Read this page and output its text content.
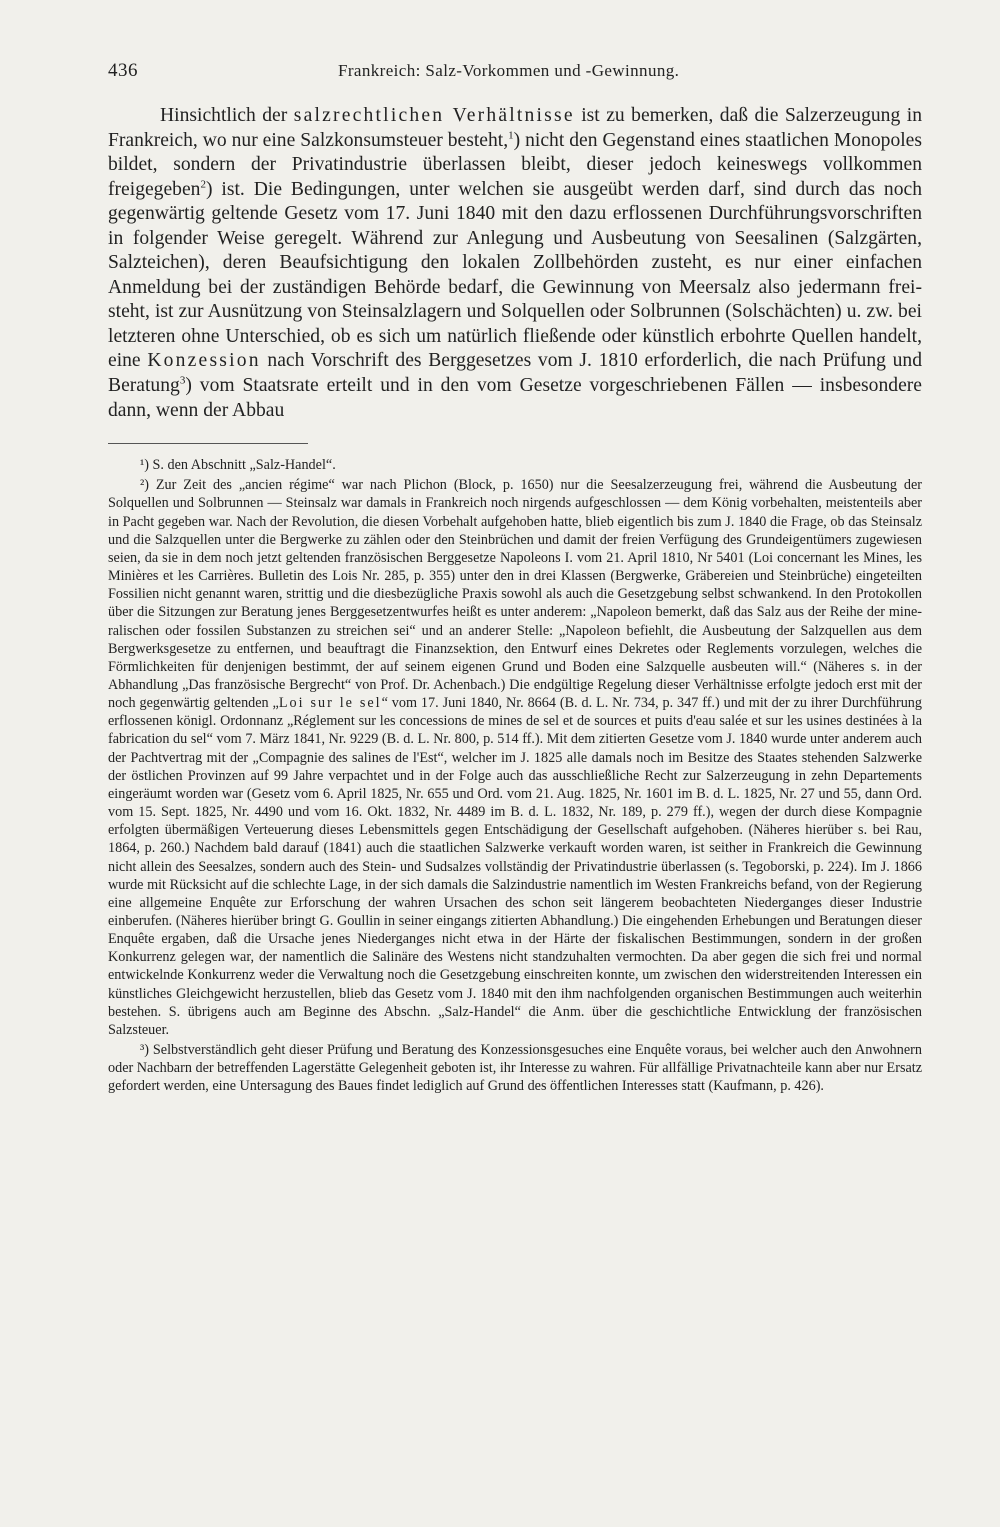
436	Frankreich: Salz-Vorkommen und -Gewinnung.

Hinsichtlich der salzrechtlichen Verhältnisse ist zu bemerken, daß die Salzerzeugung in Frankreich, wo nur eine Salzkonsumsteuer besteht,$^1$) nicht den Gegenstand eines staatlichen Monopoles bildet, sondern der Privatindustrie überlassen bleibt, dieser jedoch keineswegs vollkommen freigegeben$^2$) ist. Die Bedingungen, unter welchen sie ausgeübt werden darf, sind durch das noch gegenwärtig geltende Gesetz vom 17. Juni 1840 mit den dazu erflossenen Durchführungsvorschriften in folgender Weise geregelt. Während zur Anlegung und Ausbeutung von Seesalinen (Salzgärten, Salzteichen), deren Beaufsichtigung den lokalen Zollbehörden zusteht, es nur einer einfachen Anmeldung bei der zuständigen Behörde bedarf, die Gewinnung von Meersalz also jedermann freisteht, ist zur Ausnützung von Steinsalzlagern und Solquellen oder Solbrunnen (Solschächten) u. zw. bei letzteren ohne Unterschied, ob es sich um natürlich fließende oder künstlich erbohrte Quellen handelt, eine Konzession nach Vorschrift des Berggesetzes vom J. 1810 erforderlich, die nach Prüfung und Beratung$^3$) vom Staatsrate erteilt und in den vom Gesetze vorgeschriebenen Fällen — insbesondere dann, wenn der Abbau

¹) S. den Abschnitt „Salz-Handel“.

²) Zur Zeit des „ancien régime“ war nach Plichon (Block, p. 1650) nur die Seesalzerzeugung frei, während die Ausbeutung der Solquellen und Solbrunnen — Steinsalz war damals in Frankreich noch nirgends aufgeschlossen — dem König vorbehalten, meistenteils aber in Pacht gegeben war. Nach der Revolution, die diesen Vorbehalt aufgehoben hatte, blieb eigentlich bis zum J. 1840 die Frage, ob das Steinsalz und die Salzquellen unter die Bergwerke zu zählen oder den Steinbrüchen und damit der freien Verfügung des Grundeigentümers zugewiesen seien, da sie in dem noch jetzt geltenden französischen Berggesetze Napoleons I. vom 21. April 1810, Nr 5401 (Loi concernant les Mines, les Minières et les Carrières. Bulletin des Lois Nr. 285, p. 355) unter den in drei Klassen (Bergwerke, Gräbereien und Steinbrüche) eingeteilten Fossilien nicht genannt waren, strittig und die diesbezügliche Praxis sowohl als auch die Gesetzgebung selbst schwankend. In den Protokollen über die Sitzungen zur Beratung jenes Berggesetzentwurfes heißt es unter anderem: „Napoleon bemerkt, daß das Salz aus der Reihe der mineralischen oder fossilen Substanzen zu streichen sei“ und an anderer Stelle: „Napoleon befiehlt, die Ausbeutung der Salzquellen aus dem Bergwerksgesetze zu entfernen, und beauftragt die Finanzsektion, den Entwurf eines Dekretes oder Reglements vorzulegen, welches die Förmlichkeiten für denjenigen bestimmt, der auf seinem eigenen Grund und Boden eine Salzquelle ausbeuten will.“ (Näheres s. in der Abhandlung „Das französische Bergrecht“ von Prof. Dr. Achenbach.) Die endgültige Regelung dieser Verhältnisse erfolgte jedoch erst mit der noch gegenwärtig geltenden „Loi sur le sel“ vom 17. Juni 1840, Nr. 8664 (B. d. L. Nr. 734, p. 347 ff.) und mit der zu ihrer Durchführung erflossenen königl. Ordonnanz „Réglement sur les concessions de mines de sel et de sources et puits d'eau salée et sur les usines destinées à la fabrication du sel“ vom 7. März 1841, Nr. 9229 (B. d. L. Nr. 800, p. 514 ff.). Mit dem zitierten Gesetze vom J. 1840 wurde unter anderem auch der Pachtvertrag mit der „Compagnie des salines de l'Est“, welcher im J. 1825 alle damals noch im Besitze des Staates stehenden Salzwerke der östlichen Provinzen auf 99 Jahre verpachtet und in der Folge auch das ausschließliche Recht zur Salzerzeugung in zehn Departements eingeräumt worden war (Gesetz vom 6. April 1825, Nr. 655 und Ord. vom 21. Aug. 1825, Nr. 1601 im B. d. L. 1825, Nr. 27 und 55, dann Ord. vom 15. Sept. 1825, Nr. 4490 und vom 16. Okt. 1832, Nr. 4489 im B. d. L. 1832, Nr. 189, p. 279 ff.), wegen der durch diese Kompagnie erfolgten übermäßigen Verteuerung dieses Lebensmittels gegen Entschädigung der Gesellschaft aufgehoben. (Näheres hierüber s. bei Rau, 1864, p. 260.) Nachdem bald darauf (1841) auch die staatlichen Salzwerke verkauft worden waren, ist seither in Frankreich die Gewinnung nicht allein des Seesalzes, sondern auch des Stein- und Sudsalzes vollständig der Privatindustrie überlassen (s. Tegoborski, p. 224). Im J. 1866 wurde mit Rücksicht auf die schlechte Lage, in der sich damals die Salzindustrie namentlich im Westen Frankreichs befand, von der Regierung eine allgemeine Enquête zur Erforschung der wahren Ursachen des schon seit längerem beobachteten Niederganges dieser Industrie einberufen. (Näheres hierüber bringt G. Goullin in seiner eingangs zitierten Abhandlung.) Die eingehenden Erhebungen und Beratungen dieser Enquête ergaben, daß die Ursache jenes Niederganges nicht etwa in der Härte der fiskalischen Bestimmungen, sondern in der großen Konkurrenz gelegen war, der namentlich die Salinäre des Westens nicht standzuhalten vermochten. Da aber gegen die sich frei und normal entwickelnde Konkurrenz weder die Verwaltung noch die Gesetzgebung einschreiten konnte, um zwischen den widerstreitenden Interessen ein künstliches Gleichgewicht herzustellen, blieb das Gesetz vom J. 1840 mit den ihm nachfolgenden organischen Bestimmungen auch weiterhin bestehen. S. übrigens auch am Beginne des Abschn. „Salz-Handel“ die Anm. über die geschichtliche Entwicklung der französischen Salzsteuer.

³) Selbstverständlich geht dieser Prüfung und Beratung des Konzessionsgesuches eine Enquête voraus, bei welcher auch den Anwohnern oder Nachbarn der betreffenden Lagerstätte Gelegenheit geboten ist, ihr Interesse zu wahren. Für allfällige Privatnachteile kann aber nur Ersatz gefordert werden, eine Untersagung des Baues findet lediglich auf Grund des öffentlichen Interesses statt (Kaufmann, p. 426).
